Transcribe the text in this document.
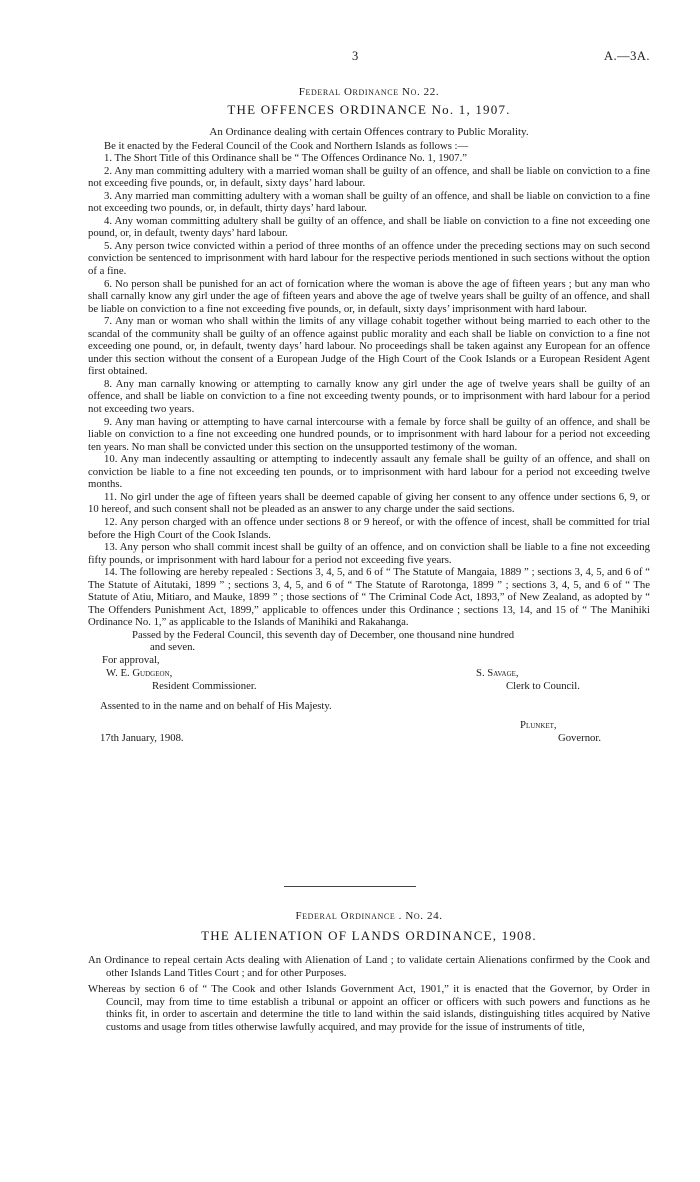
3	A.—3A.
Federal Ordinance No. 22.
THE OFFENCES ORDINANCE No. 1, 1907.

An Ordinance dealing with certain Offences contrary to Public Morality.

Be it enacted by the Federal Council of the Cook and Northern Islands as follows :—

1. The Short Title of this Ordinance shall be “ The Offences Ordinance No. 1, 1907.”

2. Any man committing adultery with a married woman shall be guilty of an offence, and shall be liable on conviction to a fine not exceeding five pounds, or, in default, sixty days’ hard labour.

3. Any married man committing adultery with a woman shall be guilty of an offence, and shall be liable on conviction to a fine not exceeding two pounds, or, in default, thirty days’ hard labour.

4. Any woman committing adultery shall be guilty of an offence, and shall be liable on conviction to a fine not exceeding one pound, or, in default, twenty days’ hard labour.

5. Any person twice convicted within a period of three months of an offence under the preceding sections may on such second conviction be sentenced to imprisonment with hard labour for the respective periods mentioned in such sections without the option of a fine.

6. No person shall be punished for an act of fornication where the woman is above the age of fifteen years ; but any man who shall carnally know any girl under the age of fifteen years and above the age of twelve years shall be guilty of an offence, and shall be liable on conviction to a fine not exceeding five pounds, or, in default, sixty days’ imprisonment with hard labour.

7. Any man or woman who shall within the limits of any village cohabit together without being married to each other to the scandal of the community shall be guilty of an offence against public morality and each shall be liable on conviction to a fine not exceeding one pound, or, in default, twenty days’ hard labour. No proceedings shall be taken against any European for an offence under this section without the consent of a European Judge of the High Court of the Cook Islands or a European Resident Agent first obtained.

8. Any man carnally knowing or attempting to carnally know any girl under the age of twelve years shall be guilty of an offence, and shall be liable on conviction to a fine not exceeding twenty pounds, or to imprisonment with hard labour for a period not exceeding two years.

9. Any man having or attempting to have carnal intercourse with a female by force shall be guilty of an offence, and shall be liable on conviction to a fine not exceeding one hundred pounds, or to imprisonment with hard labour for a period not exceeding ten years. No man shall be convicted under this section on the unsupported testimony of the woman.

10. Any man indecently assaulting or attempting to indecently assault any female shall be guilty of an offence, and shall on conviction be liable to a fine not exceeding ten pounds, or to imprisonment with hard labour for a period not exceeding twelve months.

11. No girl under the age of fifteen years shall be deemed capable of giving her consent to any offence under sections 6, 9, or 10 hereof, and such consent shall not be pleaded as an answer to any charge under the said sections.

12. Any person charged with an offence under sections 8 or 9 hereof, or with the offence of incest, shall be committed for trial before the High Court of the Cook Islands.

13. Any person who shall commit incest shall be guilty of an offence, and on conviction shall be liable to a fine not exceeding fifty pounds, or imprisonment with hard labour for a period not exceeding five years.

14. The following are hereby repealed : Sections 3, 4, 5, and 6 of “ The Statute of Mangaia, 1889 ” ; sections 3, 4, 5, and 6 of “ The Statute of Aitutaki, 1899 ” ; sections 3, 4, 5, and 6 of “ The Statute of Rarotonga, 1899 ” ; sections 3, 4, 5, and 6 of “ The Statute of Atiu, Mitiaro, and Mauke, 1899 ” ; those sections of “ The Criminal Code Act, 1893,” of New Zealand, as adopted by “ The Offenders Punishment Act, 1899,” applicable to offences under this Ordinance ; sections 13, 14, and 15 of “ The Manihiki Ordinance No. 1,” as applicable to the Islands of Manihiki and Rakahanga.

Passed by the Federal Council, this seventh day of December, one thousand nine hundred

and seven.

For approval,

W. E. Gudgeon,	S. Savage,
Resident Commissioner.	Clerk to Council.

Assented to in the name and on behalf of His Majesty.

Plunket,
17th January, 1908.	Governor.
Federal Ordinance . No. 24.
THE ALIENATION OF LANDS ORDINANCE, 1908.

An Ordinance to repeal certain Acts dealing with Alienation of Land ; to validate certain Alienations confirmed by the Cook and other Islands Land Titles Court ; and for other Purposes.

Whereas by section 6 of “ The Cook and other Islands Government Act, 1901,” it is enacted that the Governor, by Order in Council, may from time to time establish a tribunal or appoint an officer or officers with such powers and functions as he thinks fit, in order to ascertain and determine the title to land within the said islands, distinguishing titles acquired by Native customs and usage from titles otherwise lawfully acquired, and may provide for the issue of instruments of title,
